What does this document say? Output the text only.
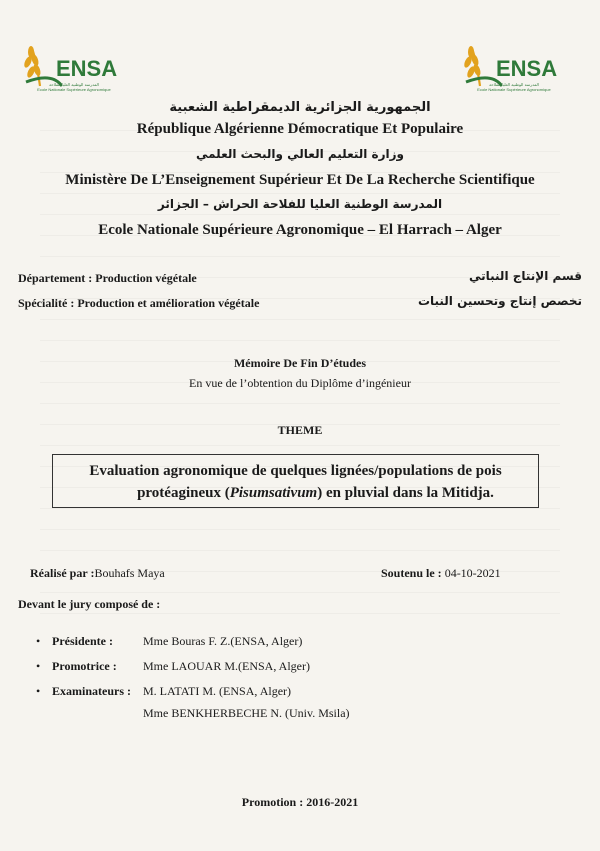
ENSA
المدرسة الوطنية العليا للفلاحة
Ecole Nationale Supérieure Agronomique
ENSA
المدرسة الوطنية العليا للفلاحة
Ecole Nationale Supérieure Agronomique
الجمهورية الجزائرية الديمقراطية الشعبية
République Algérienne Démocratique Et Populaire
وزارة التعليم العالي والبحث العلمي
Ministère De L’Enseignement Supérieur Et De La Recherche Scientifique
المدرسة الوطنية العليا للفلاحة الحراش – الجزائر
Ecole Nationale Supérieure Agronomique – El Harrach – Alger
Département : Production végétale	قسم الإنتاج النباتي
Spécialité : Production et amélioration végétale	تخصص إنتاج وتحسين النبات
Mémoire De Fin D’études
En vue de l’obtention du Diplôme d’ingénieur
THEME
Evaluation agronomique de quelques lignées/populations de pois
protéagineux (Pisumsativum) en pluvial dans la Mitidja.
Réalisé par :Bouhafs Maya	Soutenu le : 04-10-2021
Devant le jury composé de :
• Présidente :	Mme Bouras F. Z.(ENSA, Alger)
• Promotrice : Mme LAOUAR M.(ENSA, Alger)
• Examinateurs : M. LATATI M. (ENSA, Alger)
Mme BENKHERBECHE N. (Univ. Msila)
Promotion : 2016-2021
